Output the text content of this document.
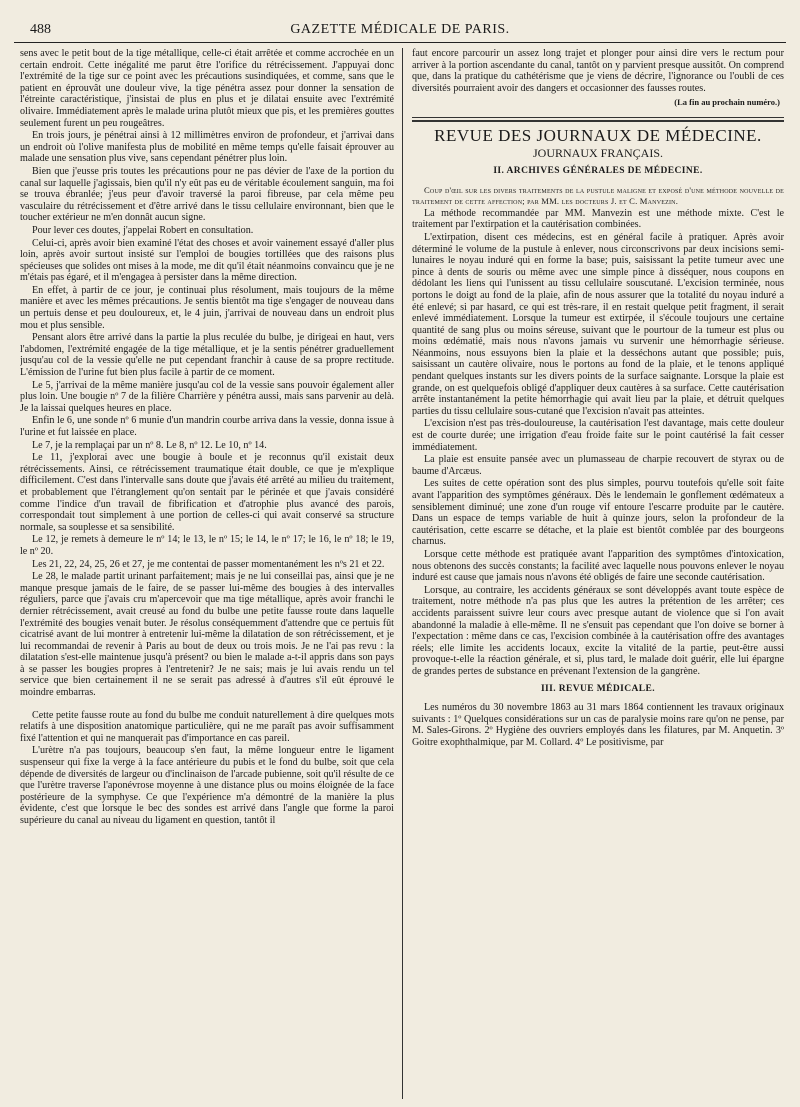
488	GAZETTE MÉDICALE DE PARIS.

sens avec le petit bout de la tige métallique, celle-ci était arrêtée et comme accrochée en un certain endroit. Cette inégalité me parut être l'orifice du rétrécissement. J'appuyai donc l'extrémité de la tige sur ce point avec les précautions susindiquées, et comme, sans que le patient en éprouvât une douleur vive, la tige pénétra assez pour donner la sensation de l'étreinte caractéristique, j'insistai de plus en plus et je dilatai ensuite avec l'extrémité olivaire. Immédiatement après le malade urina plutôt mieux que pis, et les premières gouttes seulement furent un peu rougeâtres.

En trois jours, je pénétrai ainsi à 12 millimètres environ de profondeur, et j'arrivai dans un endroit où l'olive manifesta plus de mobilité en même temps qu'elle faisait éprouver au malade une sensation plus vive, sans cependant pénétrer plus loin.

Bien que j'eusse pris toutes les précautions pour ne pas dévier de l'axe de la portion du canal sur laquelle j'agissais, bien qu'il n'y eût pas eu de véritable écoulement sanguin, ma foi se trouva ébranlée; j'eus peur d'avoir traversé la paroi fibreuse, par cela même peu vasculaire du rétrécissement et d'être arrivé dans le tissu cellulaire environnant, bien que le toucher extérieur ne m'en donnât aucun signe.

Pour lever ces doutes, j'appelai Robert en consultation.

Celui-ci, après avoir bien examiné l'état des choses et avoir vainement essayé d'aller plus loin, après avoir surtout insisté sur l'emploi de bougies tortillées que des raisons plus spécieuses que solides ont mises à la mode, me dit qu'il était néanmoins convaincu que je ne m'étais pas égaré, et il m'engagea à persister dans la même direction.

En effet, à partir de ce jour, je continuai plus résolument, mais toujours de la même manière et avec les mêmes précautions. Je sentis bientôt ma tige s'engager de nouveau dans un pertuis dense et peu douloureux, et, le 4 juin, j'arrivai de nouveau dans un endroit plus mou et plus sensible.

Pensant alors être arrivé dans la partie la plus reculée du bulbe, je dirigeai en haut, vers l'abdomen, l'extrémité engagée de la tige métallique, et je la sentis pénétrer graduellement jusqu'au col de la vessie qu'elle ne put cependant franchir à cause de sa propre rectitude. L'émission de l'urine fut bien plus facile à partir de ce moment.

Le 5, j'arrivai de la même manière jusqu'au col de la vessie sans pouvoir également aller plus loin. Une bougie nº 7 de la filière Charrière y pénétra aussi, mais sans parvenir au delà. Je la laissai quelques heures en place.

Enfin le 6, une sonde nº 6 munie d'un mandrin courbe arriva dans la vessie, donna issue à l'urine et fut laissée en place.

Le 7, je la remplaçai par un nº 8. Le 8, nº 12. Le 10, nº 14.

Le 11, j'explorai avec une bougie à boule et je reconnus qu'il existait deux rétrécissements. Ainsi, ce rétrécissement traumatique était double, ce que je m'explique difficilement. C'est dans l'intervalle sans doute que j'avais été arrêté au milieu du traitement, et probablement que l'étranglement qu'on sentait par le périnée et que j'avais considéré comme l'indice d'un travail de fibrification et d'atrophie plus avancé des parois, correspondait tout simplement à une portion de celles-ci qui avait conservé sa structure normale, sa souplesse et sa sensibilité.

Le 12, je remets à demeure le nº 14; le 13, le nº 15; le 14, le nº 17; le 16, le nº 18; le 19, le nº 20.

Les 21, 22, 24, 25, 26 et 27, je me contentai de passer momentanément les nºs 21 et 22.

Le 28, le malade partit urinant parfaitement; mais je ne lui conseillai pas, ainsi que je ne manque presque jamais de le faire, de se passer lui-même des bougies à des intervalles réguliers, parce que j'avais cru m'apercevoir que ma tige métallique, après avoir franchi le dernier rétrécissement, avait creusé au fond du bulbe une petite fausse route dans laquelle l'extrémité des bougies venait buter. Je résolus conséquemment d'attendre que ce pertuis fût cicatrisé avant de lui montrer à entretenir lui-même la dilatation de son rétrécissement, et je lui recommandai de revenir à Paris au bout de deux ou trois mois. Je ne l'ai pas revu : la dilatation s'est-elle maintenue jusqu'à présent? ou bien le malade a-t-il appris dans son pays à se passer les bougies propres à l'entretenir? Je ne sais; mais je lui avais rendu un tel service que bien certainement il ne se serait pas adressé à d'autres s'il eût éprouvé le moindre embarras.

Cette petite fausse route au fond du bulbe me conduit naturellement à dire quelques mots relatifs à une disposition anatomique particulière, qui ne me paraît pas avoir suffisamment fixé l'attention et qui ne manquerait pas d'importance en cas pareil.

L'urètre n'a pas toujours, beaucoup s'en faut, la même longueur entre le ligament suspenseur qui fixe la verge à la face antérieure du pubis et le fond du bulbe, soit que cela dépende de diversités de largeur ou d'inclinaison de l'arcade pubienne, soit qu'il résulte de ce que l'urètre traverse l'aponévrose moyenne à une distance plus ou moins éloignée de la face postérieure de la symphyse. Ce que l'expérience m'a démontré de la manière la plus évidente, c'est que lorsque le bec des sondes est arrivé dans l'angle que forme la paroi supérieure du canal au niveau du ligament en question, tantôt il

faut encore parcourir un assez long trajet et plonger pour ainsi dire vers le rectum pour arriver à la portion ascendante du canal, tantôt on y parvient presque aussitôt. On comprend que, dans la pratique du cathétérisme que je viens de décrire, l'ignorance ou l'oubli de ces diversités pourraient avoir des dangers et occasionner des fausses routes.

(La fin au prochain numéro.)
REVUE DES JOURNAUX DE MÉDECINE.
JOURNAUX FRANÇAIS.
II. ARCHIVES GÉNÉRALES DE MÉDECINE.

Coup d'œil sur les divers traitements de la pustule maligne et exposé d'une méthode nouvelle de traitement de cette affection; par MM. les docteurs J. et C. Manvezin.

La méthode recommandée par MM. Manvezin est une méthode mixte. C'est le traitement par l'extirpation et la cautérisation combinées.

L'extirpation, disent ces médecins, est en général facile à pratiquer. Après avoir déterminé le volume de la pustule à enlever, nous circonscrivons par deux incisions semi-lunaires le noyau induré qui en forme la base; puis, saisissant la petite tumeur avec une pince à dents de souris ou même avec une simple pince à disséquer, nous coupons en dédolant les liens qui l'unissent au tissu cellulaire souscutané. L'excision terminée, nous portons le doigt au fond de la plaie, afin de nous assurer que la totalité du noyau induré a été enlevé; si par hasard, ce qui est très-rare, il en restait quelque petit fragment, il serait enlevé immédiatement. Lorsque la tumeur est extirpée, il s'écoule toujours une certaine quantité de sang plus ou moins séreuse, suivant que le pourtour de la tumeur est plus ou moins œdématié, mais nous n'avons jamais vu survenir une hémorrhagie sérieuse. Néanmoins, nous essuyons bien la plaie et la desséchons autant que possible; puis, saisissant un cautère olivaire, nous le portons au fond de la plaie, et le tenons appliqué pendant quelques instants sur les divers points de la surface saignante. Lorsque la plaie est grande, on est quelquefois obligé d'appliquer deux cautères à sa surface. Cette cautérisation arrête instantanément la petite hémorrhagie qui avait lieu par la plaie, et détruit quelques parties du tissu cellulaire sous-cutané que l'excision n'avait pas atteintes.

L'excision n'est pas très-douloureuse, la cautérisation l'est davantage, mais cette douleur est de courte durée; une irrigation d'eau froide faite sur le point cautérisé la fait cesser immédiatement.

La plaie est ensuite pansée avec un plumasseau de charpie recouvert de styrax ou de baume d'Arcæus.

Les suites de cette opération sont des plus simples, pourvu toutefois qu'elle soit faite avant l'apparition des symptômes généraux. Dès le lendemain le gonflement œdémateux a sensiblement diminué; une zone d'un rouge vif entoure l'escarre produite par le cautère. Dans un espace de temps variable de huit à quinze jours, selon la profondeur de la cautérisation, cette escarre se détache, et la plaie est bientôt comblée par des bourgeons charnus.

Lorsque cette méthode est pratiquée avant l'apparition des symptômes d'intoxication, nous obtenons des succès constants; la facilité avec laquelle nous pouvons enlever le noyau induré est cause que jamais nous n'avons été obligés de faire une seconde cautérisation.

Lorsque, au contraire, les accidents généraux se sont développés avant toute espèce de traitement, notre méthode n'a pas plus que les autres la prétention de les arrêter; ces accidents paraissent suivre leur cours avec presque autant de violence que si l'on avait abandonné la maladie à elle-même. Il ne s'ensuit pas cependant que l'on doive se borner à l'expectation : même dans ce cas, l'excision combinée à la cautérisation offre des avantages réels; elle limite les accidents locaux, excite la vitalité de la partie, peut-être aussi provoque-t-elle la réaction générale, et si, plus tard, le malade doit guérir, elle lui épargne de grandes pertes de substance en prévenant l'extension de la gangrène.

III. REVUE MÉDICALE.

Les numéros du 30 novembre 1863 au 31 mars 1864 contiennent les travaux originaux suivants : 1º Quelques considérations sur un cas de paralysie moins rare qu'on ne pense, par M. Sales-Girons. 2º Hygiène des ouvriers employés dans les filatures, par M. Anquetin. 3º Goitre exophthalmique, par M. Collard. 4º Le positivisme, par
